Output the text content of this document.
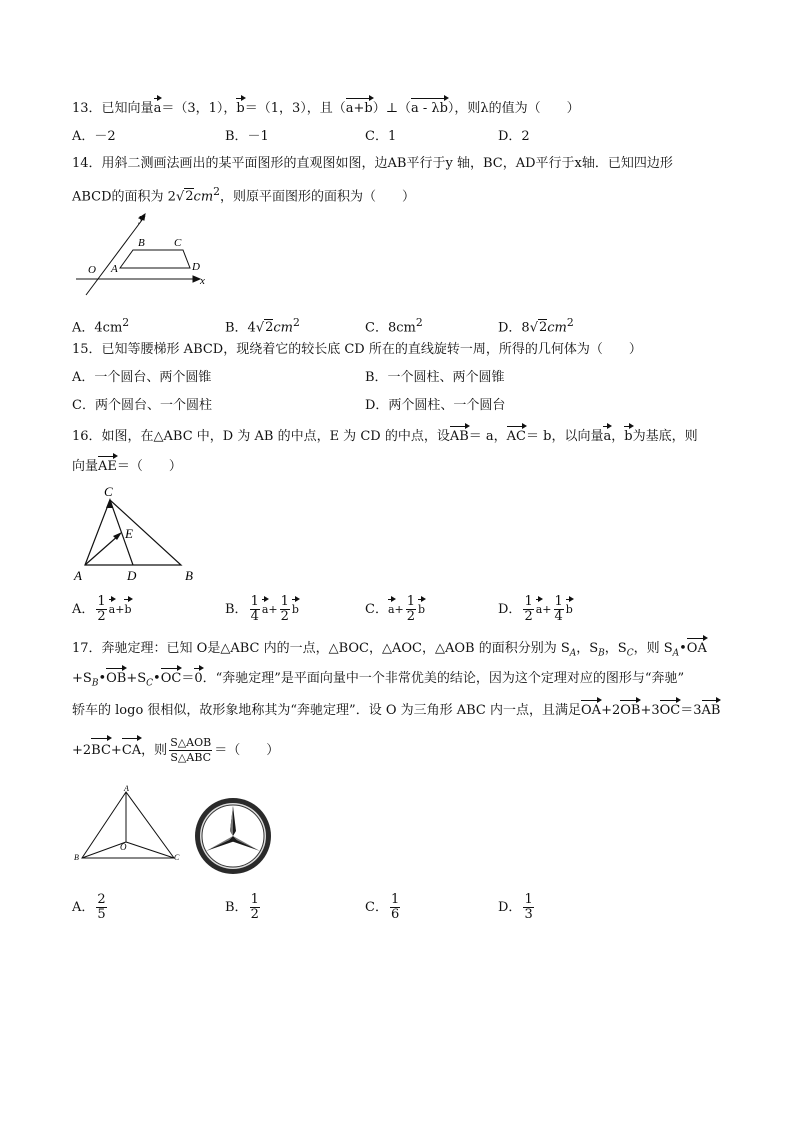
13．已知向量a＝（3，1），b＝（1，3），且（a+b）⊥（a - λb），则λ的值为（　　）
A．－2	B．－1	C．1	D．2
14．用斜二测画法画出的某平面图形的直观图如图，边AB平行于y 轴，BC，AD平行于x轴．已知四边形
ABCD的面积为 $2√2cm^2$，则原平面图形的面积为（　　）
y
x
O A
B	C
D
A．$4cm^2$	B．$4√2cm^2$	C．$8cm^2$	D．$8√2cm^2$
15．已知等腰梯形 ABCD，现绕着它的较长底 CD 所在的直线旋转一周，所得的几何体为（　　）
A．一个圆台、两个圆锥	B．一个圆柱、两个圆锥
C．两个圆台、一个圆柱	D．两个圆柱、一个圆台
16．如图，在△ABC 中，D 为 AB 的中点，E 为 CD 的中点，设AB＝ a，AC＝ b，以向量a，b为基底，则
向量AE＝（　　）
C
E
A	D	B
A． $\frac{1}{2} a+b$	B． $\frac{1}{4} a+ \frac{1}{2}$ b	C．$a+ \frac{1}{2}$ b	D． $\frac{1}{2} a+ \frac{1}{4}$ b
17．奔驰定理：已知 O是△ABC 内的一点，△BOC，△AOC，△AOB 的面积分别为 $S_A$，$S_B$，$S_C$，则 $S_A•OA$
$+S_B•OB+S_C•OC=0$．“奔驰定理”是平面向量中一个非常优美的结论，因为这个定理对应的图形与“奔驰”
轿车的 logo 很相似，故形象地称其为“奔驰定理”．设 O 为三角形 ABC 内一点，且满足OA+2OB+3OC＝3AB
+2BC+CA，则 $\frac{\text{S△AOB}}{\text{S△ABC}}$ ＝（　　）
A
B	C
O
A． $\frac{2}{5}$	B． $\frac{1}{2}$	C． $\frac{1}{6}$	D． $\frac{1}{3}$
